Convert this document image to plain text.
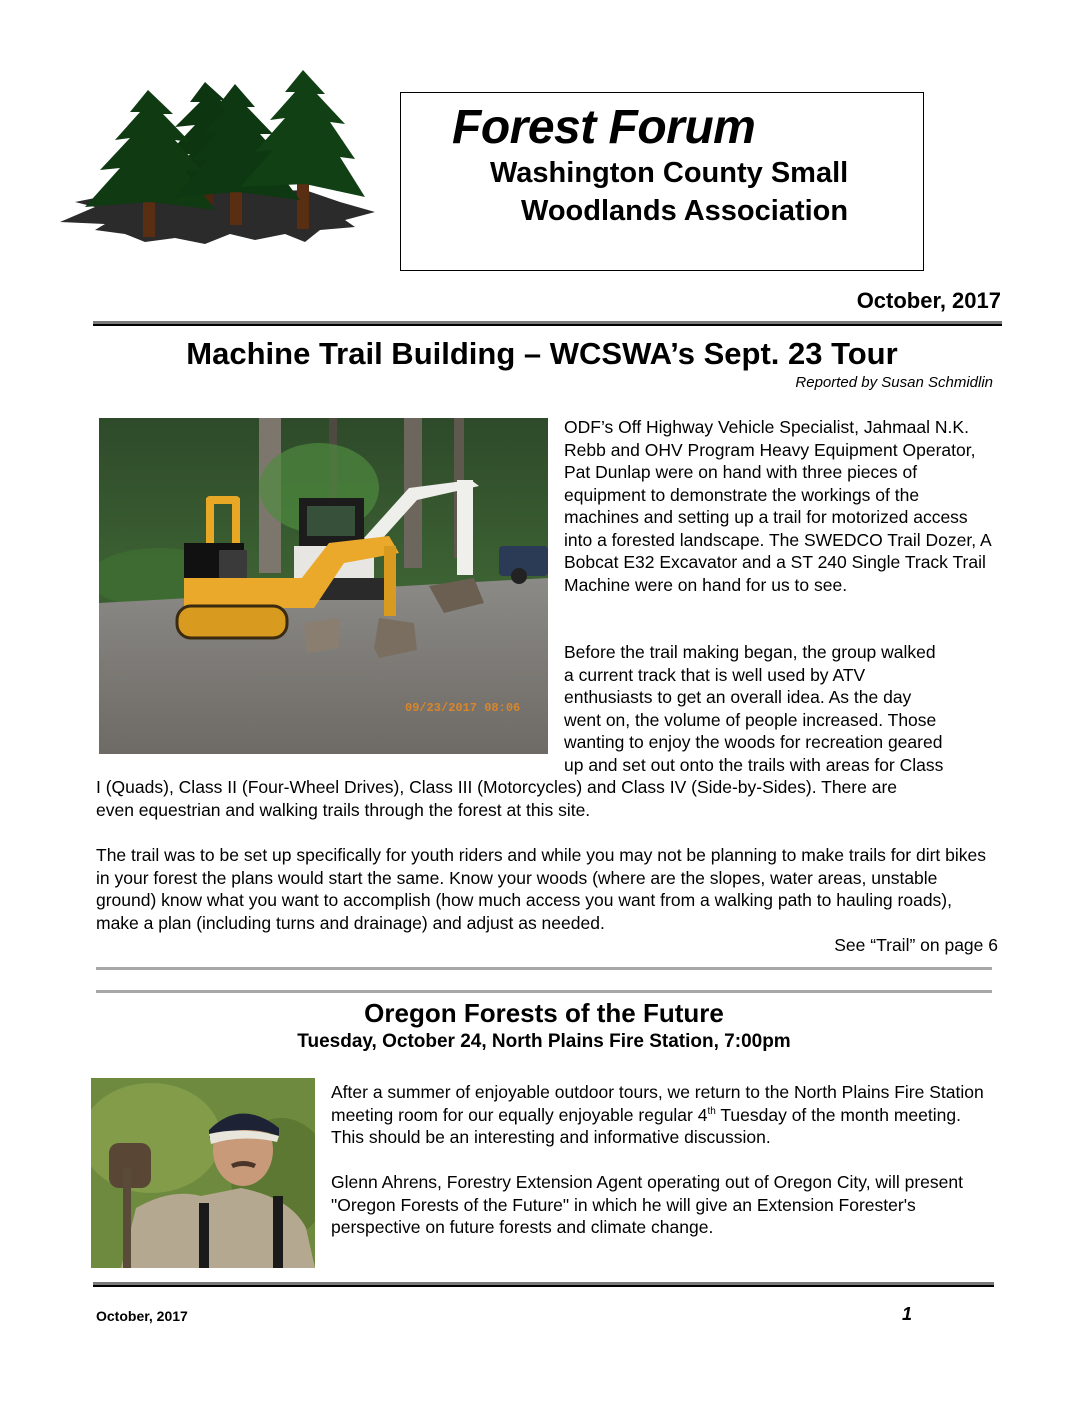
Forest Forum
Washington County Small
Woodlands Association
October, 2017
Machine Trail Building – WCSWA’s Sept. 23 Tour
Reported by Susan Schmidlin
09/23/2017 08:06

ODF’s Off Highway Vehicle Specialist, Jahmaal N.K. Rebb and OHV Program Heavy Equipment Operator, Pat Dunlap were on hand with three pieces of equipment to demonstrate the workings of the machines and setting up a trail for motorized access into a forested landscape. The SWEDCO Trail Dozer, A Bobcat E32 Excavator and a ST 240 Single Track Trail Machine were on hand for us to see.

Before the trail making began, the group walked
a current track that is well used by ATV
enthusiasts to get an overall idea. As the day
went on, the volume of people increased. Those
wanting to enjoy the woods for recreation geared
up and set out onto the trails with areas for Class
I (Quads), Class II (Four-Wheel Drives), Class III (Motorcycles) and Class IV (Side-by-Sides). There are
even equestrian and walking trails through the forest at this site.

The trail was to be set up specifically for youth riders and while you may not be planning to make trails for dirt bikes in your forest the plans would start the same. Know your woods (where are the slopes, water areas, unstable ground) know what you want to accomplish (how much access you want from a walking path to hauling roads), make a plan (including turns and drainage) and adjust as needed.

See “Trail” on page 6
Oregon Forests of the Future
Tuesday, October 24, North Plains Fire Station, 7:00pm

After a summer of enjoyable outdoor tours, we return to the North Plains Fire Station meeting room for our equally enjoyable regular 4th Tuesday of the month meeting. This should be an interesting and informative discussion.

Glenn Ahrens, Forestry Extension Agent operating out of Oregon City, will present "Oregon Forests of the Future" in which he will give an Extension Forester's perspective on future forests and climate change.

October, 2017	1
